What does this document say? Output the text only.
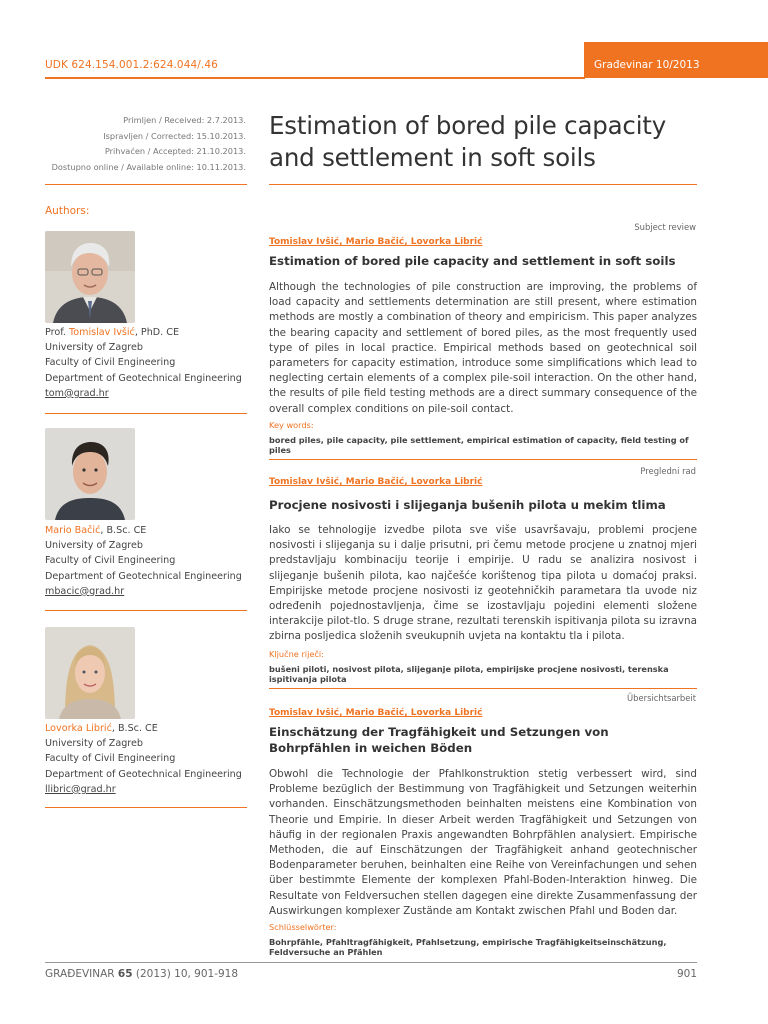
UDK 624.154.001.2:624.044/.46	Građevinar 10/2013
Primljen / Received: 2.7.2013.
Ispravljen / Corrected: 15.10.2013.
Prihvaćen / Accepted: 21.10.2013.
Dostupno online / Available online: 10.11.2013.
Estimation of bored pile capacity and settlement in soft soils
Authors:
Prof. Tomislav Ivšić, PhD. CE
University of Zagreb
Faculty of Civil Engineering
Department of Geotechnical Engineering
tom@grad.hr
Mario Bačić, B.Sc. CE
University of Zagreb
Faculty of Civil Engineering
Department of Geotechnical Engineering
mbacic@grad.hr
Lovorka Librić, B.Sc. CE
University of Zagreb
Faculty of Civil Engineering
Department of Geotechnical Engineering
llibric@grad.hr
Subject review
Tomislav Ivšić, Mario Bačić, Lovorka Librić
Estimation of bored pile capacity and settlement in soft soils
Although the technologies of pile construction are improving, the problems of load capacity and settlements determination are still present, where estimation methods are mostly a combination of theory and empiricism. This paper analyzes the bearing capacity and settlement of bored piles, as the most frequently used type of piles in local practice. Empirical methods based on geotechnical soil parameters for capacity estimation, introduce some simplifications which lead to neglecting certain elements of a complex pile-soil interaction. On the other hand, the results of pile field testing methods are a direct summary consequence of the overall complex conditions on pile-soil contact.
Key words:
bored piles, pile capacity, pile settlement, empirical estimation of capacity, field testing of piles
Pregledni rad
Tomislav Ivšić, Mario Bačić, Lovorka Librić
Procjene nosivosti i slijeganja bušenih pilota u mekim tlima
Iako se tehnologije izvedbe pilota sve više usavršavaju, problemi procjene nosivosti i slijeganja su i dalje prisutni, pri čemu metode procjene u znatnoj mjeri predstavljaju kombinaciju teorije i empirije. U radu se analizira nosivost i slijeganje bušenih pilota, kao najčešće korištenog tipa pilota u domaćoj praksi. Empirijske metode procjene nosivosti iz geotehničkih parametara tla uvode niz određenih pojednostavljenja, čime se izostavljaju pojedini elementi složene interakcije pilot-tlo. S druge strane, rezultati terenskih ispitivanja pilota su izravna zbirna posljedica složenih sveukupnih uvjeta na kontaktu tla i pilota.
Ključne riječi:
bušeni piloti, nosivost pilota, slijeganje pilota, empirijske procjene nosivosti, terenska ispitivanja pilota
Übersichtsarbeit
Tomislav Ivšić, Mario Bačić, Lovorka Librić
Einschätzung der Tragfähigkeit und Setzungen von Bohrpfählen in weichen Böden
Obwohl die Technologie der Pfahlkonstruktion stetig verbessert wird, sind Probleme bezüglich der Bestimmung von Tragfähigkeit und Setzungen weiterhin vorhanden. Einschätzungsmethoden beinhalten meistens eine Kombination von Theorie und Empirie. In dieser Arbeit werden Tragfähigkeit und Setzungen von häufig in der regionalen Praxis angewandten Bohrpfählen analysiert. Empirische Methoden, die auf Einschätzungen der Tragfähigkeit anhand geotechnischer Bodenparameter beruhen, beinhalten eine Reihe von Vereinfachungen und sehen über bestimmte Elemente der komplexen Pfahl-Boden-Interaktion hinweg. Die Resultate von Feldversuchen stellen dagegen eine direkte Zusammenfassung der Auswirkungen komplexer Zustände am Kontakt zwischen Pfahl und Boden dar.
Schlüsselwörter:
Bohrpfähle, Pfahltragfähigkeit, Pfahlsetzung, empirische Tragfähigkeitseinschätzung, Feldversuche an Pfählen
GRAĐEVINAR 65 (2013) 10, 901-918	901
